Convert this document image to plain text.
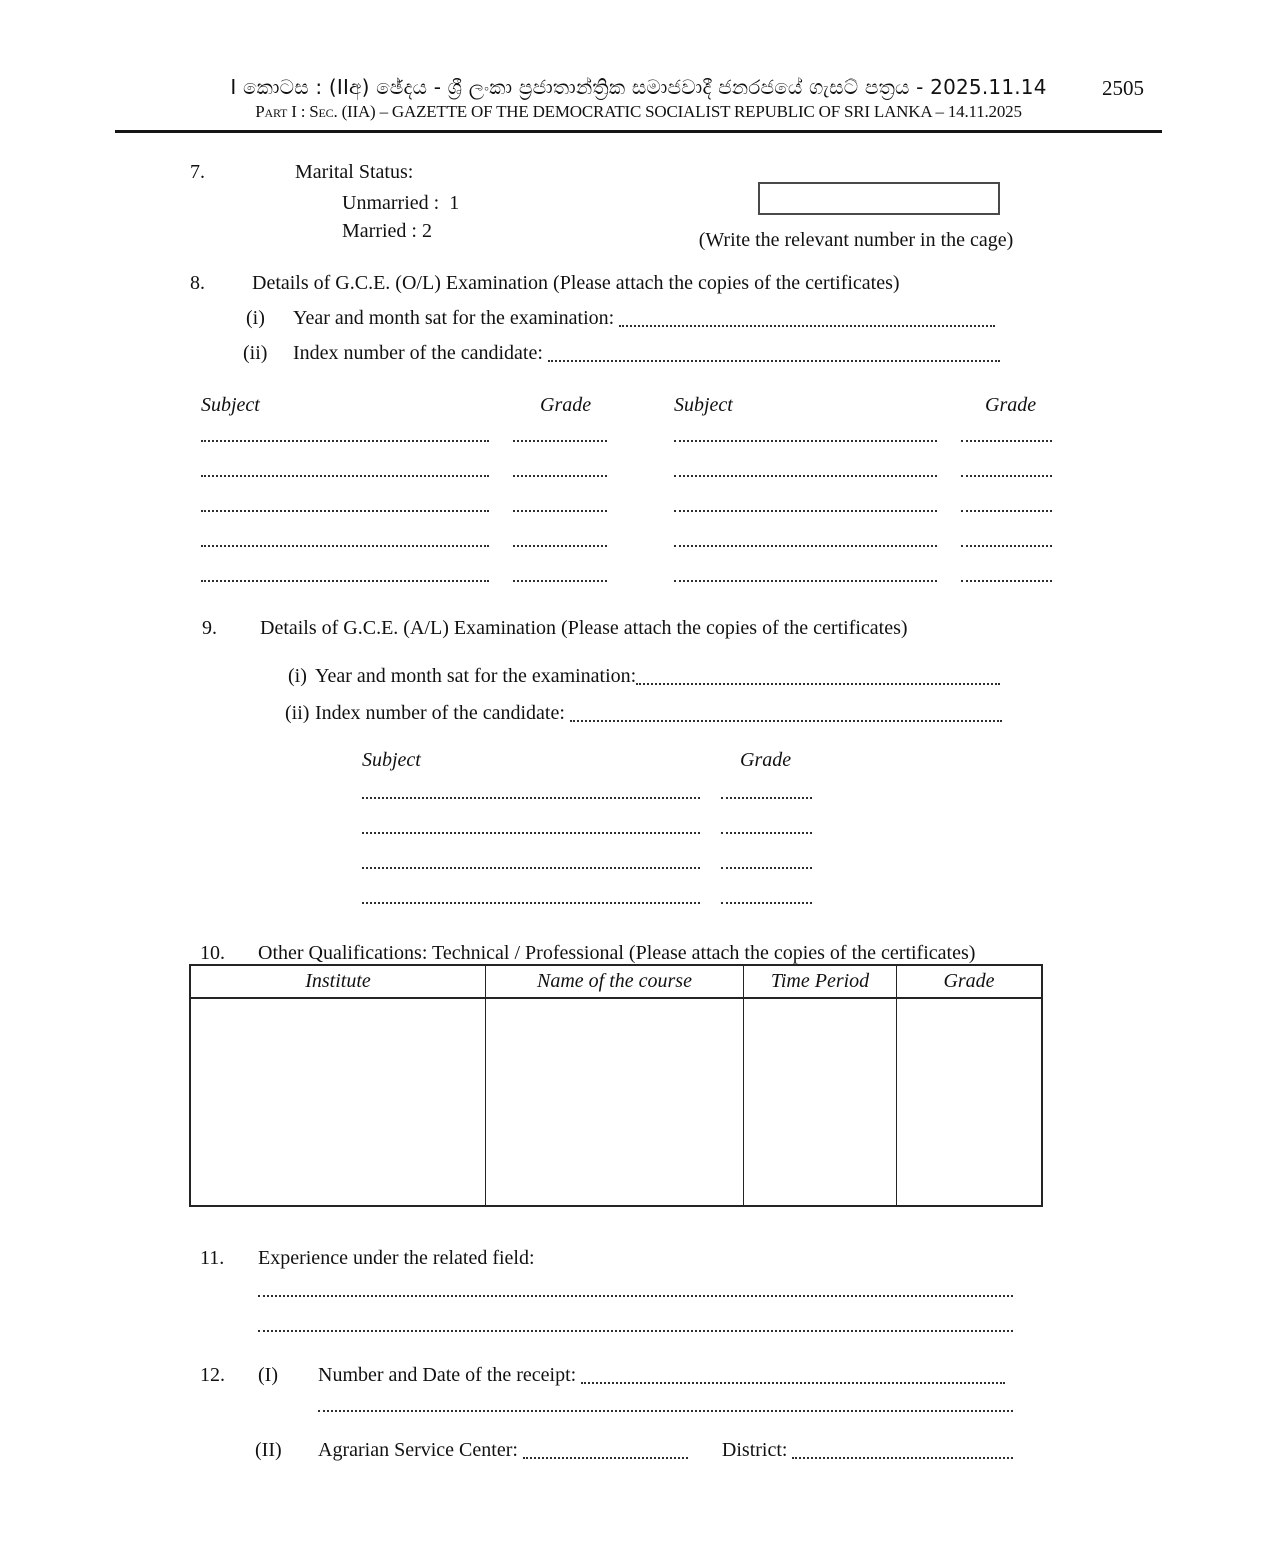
I කොටස : (IIඅ) ඡේදය - ශ්‍රී ලංකා ප්‍රජාතාන්ත්‍රික සමාජවාදී ජනරජයේ ගැසට් පත්‍රය - 2025.11.14
Part I : Sec. (IIA) – GAZETTE OF THE DEMOCRATIC SOCIALIST REPUBLIC OF SRI LANKA – 14.11.2025
2505
7.	Marital Status:
Unmarried :  1
Married : 2	(Write the relevant number in the cage)
8. Details of G.C.E. (O/L) Examination (Please attach the copies of the certificates)
(i)	Year and month sat for the examination:
(ii)	Index number of the candidate:
Subject	Grade	Subject	Grade
9. Details of G.C.E. (A/L) Examination (Please attach the copies of the certificates)
(i) Year and month sat for the examination:
(ii) Index number of the candidate:
Subject	Grade
10. Other Qualifications: Technical / Professional (Please attach the copies of the certificates)
Institute	Name of the course	Time Period	Grade
11. Experience under the related field:
12. (I)	Number and Date of the receipt:
(II)	Agrarian Service Center:	District:
